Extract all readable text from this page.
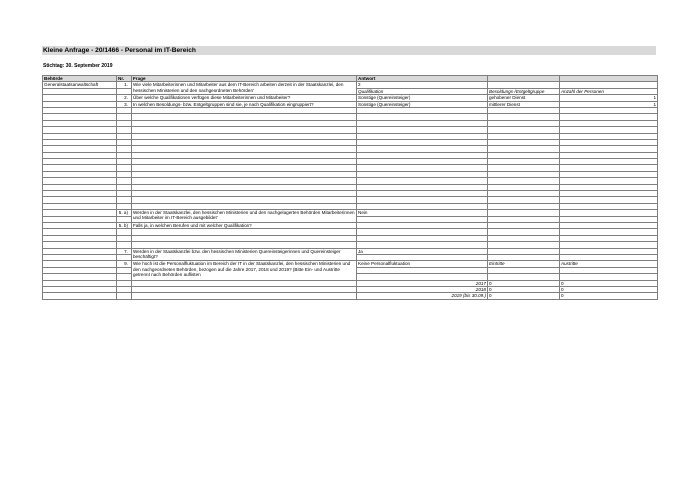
Kleine Anfrage - 20/1466 - Personal im IT-Bereich
Stichtag: 30. September 2019
Behörde	Nr.	Frage	Antwort		
Generalstaatsanwaltschaft	1.	Wie viele Mitarbeiterinnen und Mitarbeiter aus dem IT-Bereich arbeiten derzeit in der Staatskanzlei, den hessischen Ministerien und den nachgeordneten Behörden'	2		
			Qualifikation	Besoldungs-/Entgeltgruppe	Anzahl der Personen
	2.	Über welche Qualifikationen verfügen diese Mitarbeiterinnen und Mitarbeiter?	Sonstige (Quereinsteiger)	gehobener Dienst	1
	3.	In welchen Besoldungs- bzw. Entgeltgruppen sind sie, je nach Qualifikation eingruppiert?	Sonstige (Quereinsteiger)	mittlerer Dienst	1

	5. a)	Werden in der Staatskanzlei, den hessischen Ministerien und den nachgelagerten Behörden Mitarbeiterinnen und Mitarbeiter im IT-Bereich ausgebildet'	Nein		

	5. b)	Falls ja, in welchen Berufen und mit welcher Qualifikation?			

	7.	Werden in der Staatskanzlei bzw. den hessischen Ministerien Quereinsteigerinnen und Quereinsteiger beschäftigt?	Ja		

	9.	Wie hoch ist die Personalfluktuation im Bereich der IT in der Staatskanzlei, den hessischen Ministerien und den nachgeordneten Behörden, bezogen auf die Jahre 2017, 2018 und 2019? (Bitte Ein- und Austritte getrennt nach Behörden auflisten	Keine Personalfluktuation	Eintritte	Austritte

			2017	0	0
			2018	0	0
			2019 (bis 30.09.)	0	0
